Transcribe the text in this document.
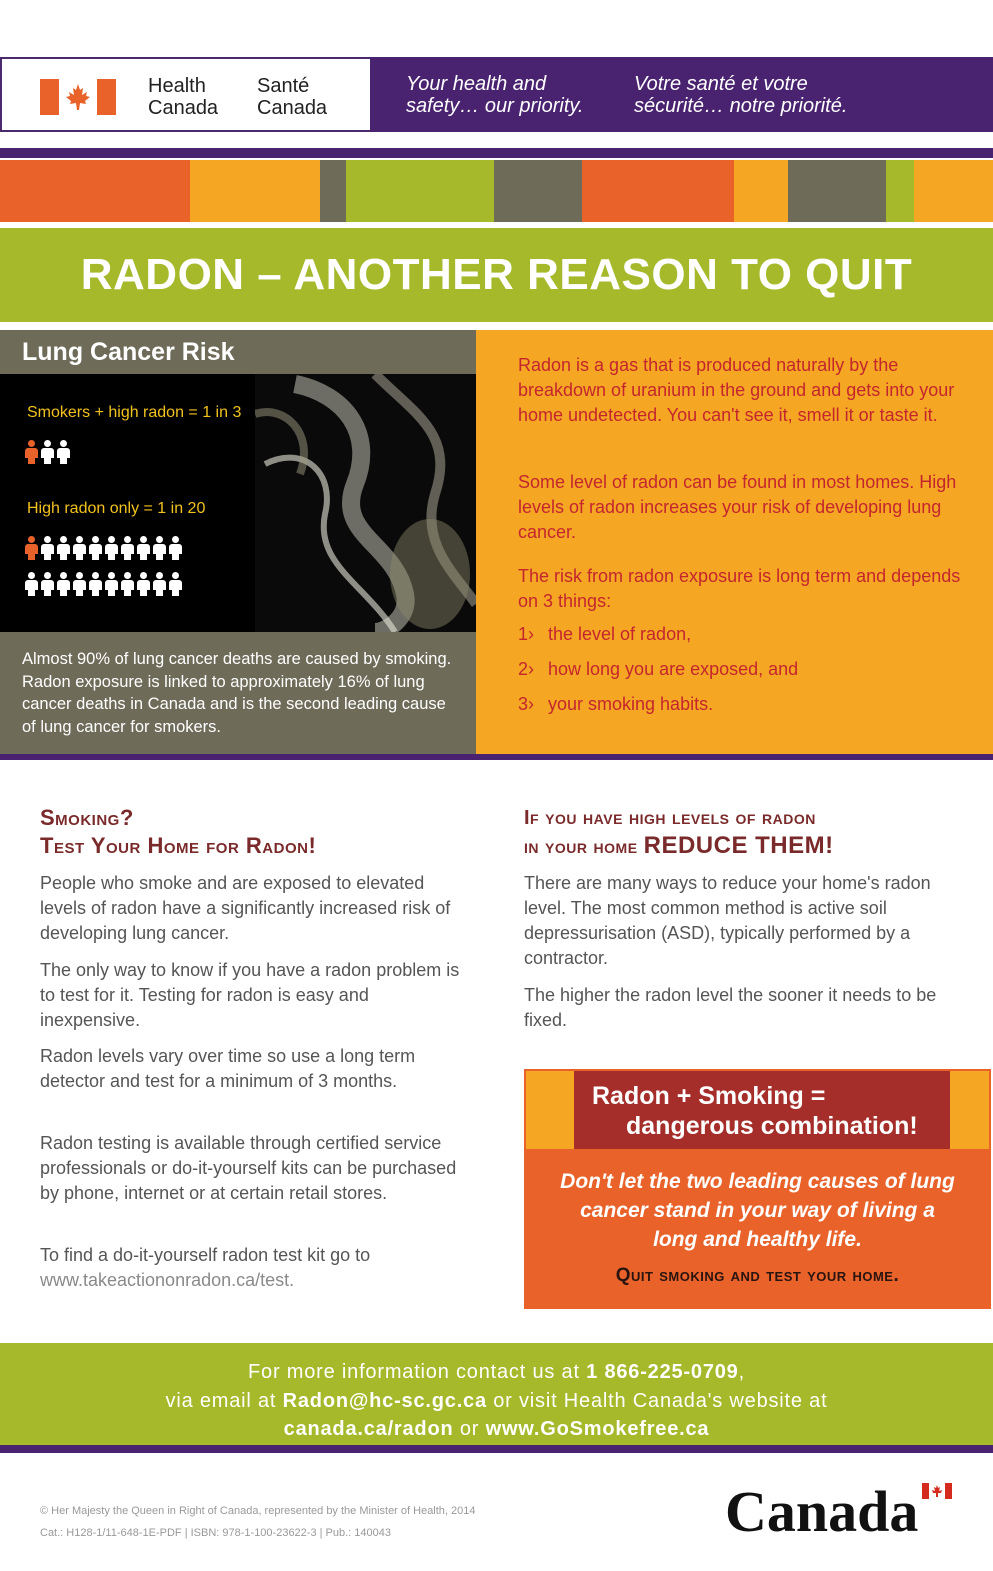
Health
Canada
Santé
Canada
Your health and
safety… our priority.
Votre santé et votre
sécurité… notre priorité.
RADON – ANOTHER REASON TO QUIT
Lung Cancer Risk
Smokers + high radon = 1 in 3
High radon only = 1 in 20
Almost 90% of lung cancer deaths are caused by smoking. Radon exposure is linked to approximately 16% of lung cancer deaths in Canada and is the second leading cause of lung cancer for smokers.
Radon is a gas that is produced naturally by the breakdown of uranium in the ground and gets into your home undetected. You can't see it, smell it or taste it.
Some level of radon can be found in most homes. High levels of radon increases your risk of developing lung cancer.
The risk from radon exposure is long term and depends on 3 things:
1› the level of radon,
2› how long you are exposed, and
3› your smoking habits.
Smoking?
Test Your Home for Radon!
People who smoke and are exposed to elevated levels of radon have a significantly increased risk of developing lung cancer.
The only way to know if you have a radon problem is to test for it. Testing for radon is easy and inexpensive.
Radon levels vary over time so use a long term detector and test for a minimum of 3 months.
Radon testing is available through certified service professionals or do-it-yourself kits can be purchased by phone, internet or at certain retail stores.
To find a do-it-yourself radon test kit go to
www.takeactiononradon.ca/test.
If you have high levels of radon
in your home REDUCE THEM!
There are many ways to reduce your home's radon level. The most common method is active soil depressurisation (ASD), typically performed by a contractor.
The higher the radon level the sooner it needs to be fixed.
Radon + Smoking =
dangerous combination!
Don't let the two leading causes of lung cancer stand in your way of living a long and healthy life.
Quit smoking and test your home.
For more information contact us at 1 866-225-0709,
via email at Radon@hc-sc.gc.ca or visit Health Canada's website at
canada.ca/radon or www.GoSmokefree.ca
© Her Majesty the Queen in Right of Canada, represented by the Minister of Health, 2014
Cat.: H128-1/11-648-1E-PDF | ISBN: 978-1-100-23622-3 | Pub.: 140043	Canada
